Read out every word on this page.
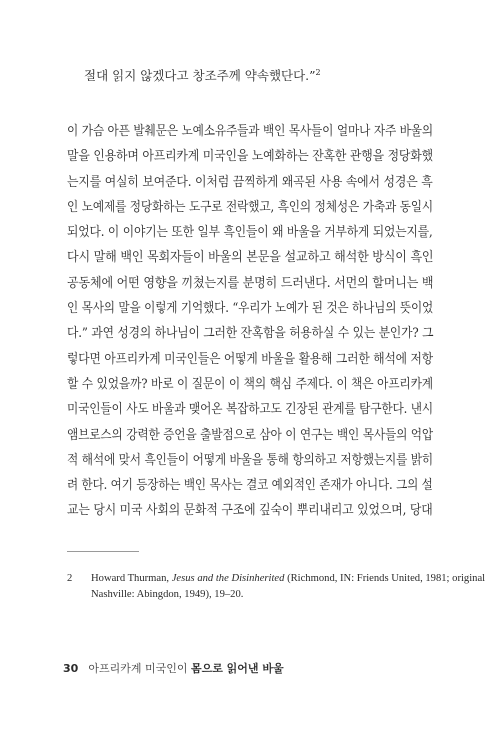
절대 읽지 않겠다고 창조주께 약속했단다.”$^2$
이 가슴 아픈 발췌문은 노예소유주들과 백인 목사들이 얼마나 자주 바울의
말을 인용하며 아프리카계 미국인을 노예화하는 잔혹한 관행을 정당화했
는지를 여실히 보여준다. 이처럼 끔찍하게 왜곡된 사용 속에서 성경은 흑
인 노예제를 정당화하는 도구로 전락했고, 흑인의 정체성은 가축과 동일시
되었다. 이 이야기는 또한 일부 흑인들이 왜 바울을 거부하게 되었는지를,
다시 말해 백인 목회자들이 바울의 본문을 설교하고 해석한 방식이 흑인
공동체에 어떤 영향을 끼쳤는지를 분명히 드러낸다. 서먼의 할머니는 백
인 목사의 말을 이렇게 기억했다. “우리가 노예가 된 것은 하나님의 뜻이었
다.” 과연 성경의 하나님이 그러한 잔혹함을 허용하실 수 있는 분인가? 그
렇다면 아프리카계 미국인들은 어떻게 바울을 활용해 그러한 해석에 저항
할 수 있었을까? 바로 이 질문이 이 책의 핵심 주제다. 이 책은 아프리카계
미국인들이 사도 바울과 맺어온 복잡하고도 긴장된 관계를 탐구한다. 낸시
앰브로스의 강력한 증언을 출발점으로 삼아 이 연구는 백인 목사들의 억압
적 해석에 맞서 흑인들이 어떻게 바울을 통해 항의하고 저항했는지를 밝히
려 한다. 여기 등장하는 백인 목사는 결코 예외적인 존재가 아니다. 그의 설
교는 당시 미국 사회의 문화적 구조에 깊숙이 뿌리내리고 있었으며, 당대
2 Howard Thurman, Jesus and the Disinherited (Richmond, IN: Friends United, 1981; original
Nashville: Abingdon, 1949), 19–20.
30 아프리카계 미국인이 몸으로 읽어낸 바울
